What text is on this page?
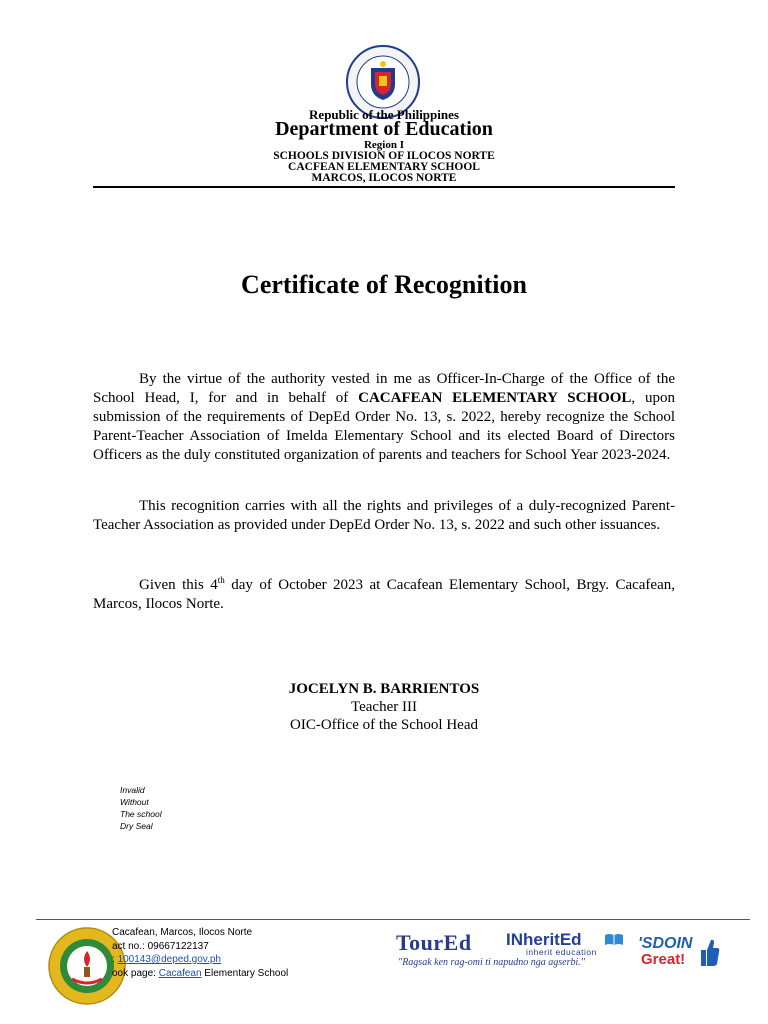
Republic of the Philippines
Department of Education
Region I
SCHOOLS DIVISION OF ILOCOS NORTE
CACFEAN ELEMENTARY SCHOOL
MARCOS, ILOCOS NORTE
Certificate of Recognition

By the virtue of the authority vested in me as Officer-In-Charge of the Office of the School Head, I, for and in behalf of CACAFEAN ELEMENTARY SCHOOL, upon submission of the requirements of DepEd Order No. 13, s. 2022, hereby recognize the School Parent-Teacher Association of Imelda Elementary School and its elected Board of Directors Officers as the duly constituted organization of parents and teachers for School Year 2023-2024.

This recognition carries with all the rights and privileges of a duly-recognized Parent-Teacher Association as provided under DepEd Order No. 13, s. 2022 and such other issuances.

Given this 4th day of October 2023 at Cacafean Elementary School, Brgy. Cacafean, Marcos, Ilocos Norte.

JOCELYN B. BARRIENTOS
Teacher III
OIC-Office of the School Head
Invalid
Without
The school
Dry Seal
Cacafean, Marcos, Ilocos Norte
act no.: 09667122137
: 100143@deped.gov.ph
ook page: Cacafean Elementary School
TourEd INheritEd
inherit education
"Ragsak ken rag-omi ti napudno nga agserbi."
'SDOIN
Great!
